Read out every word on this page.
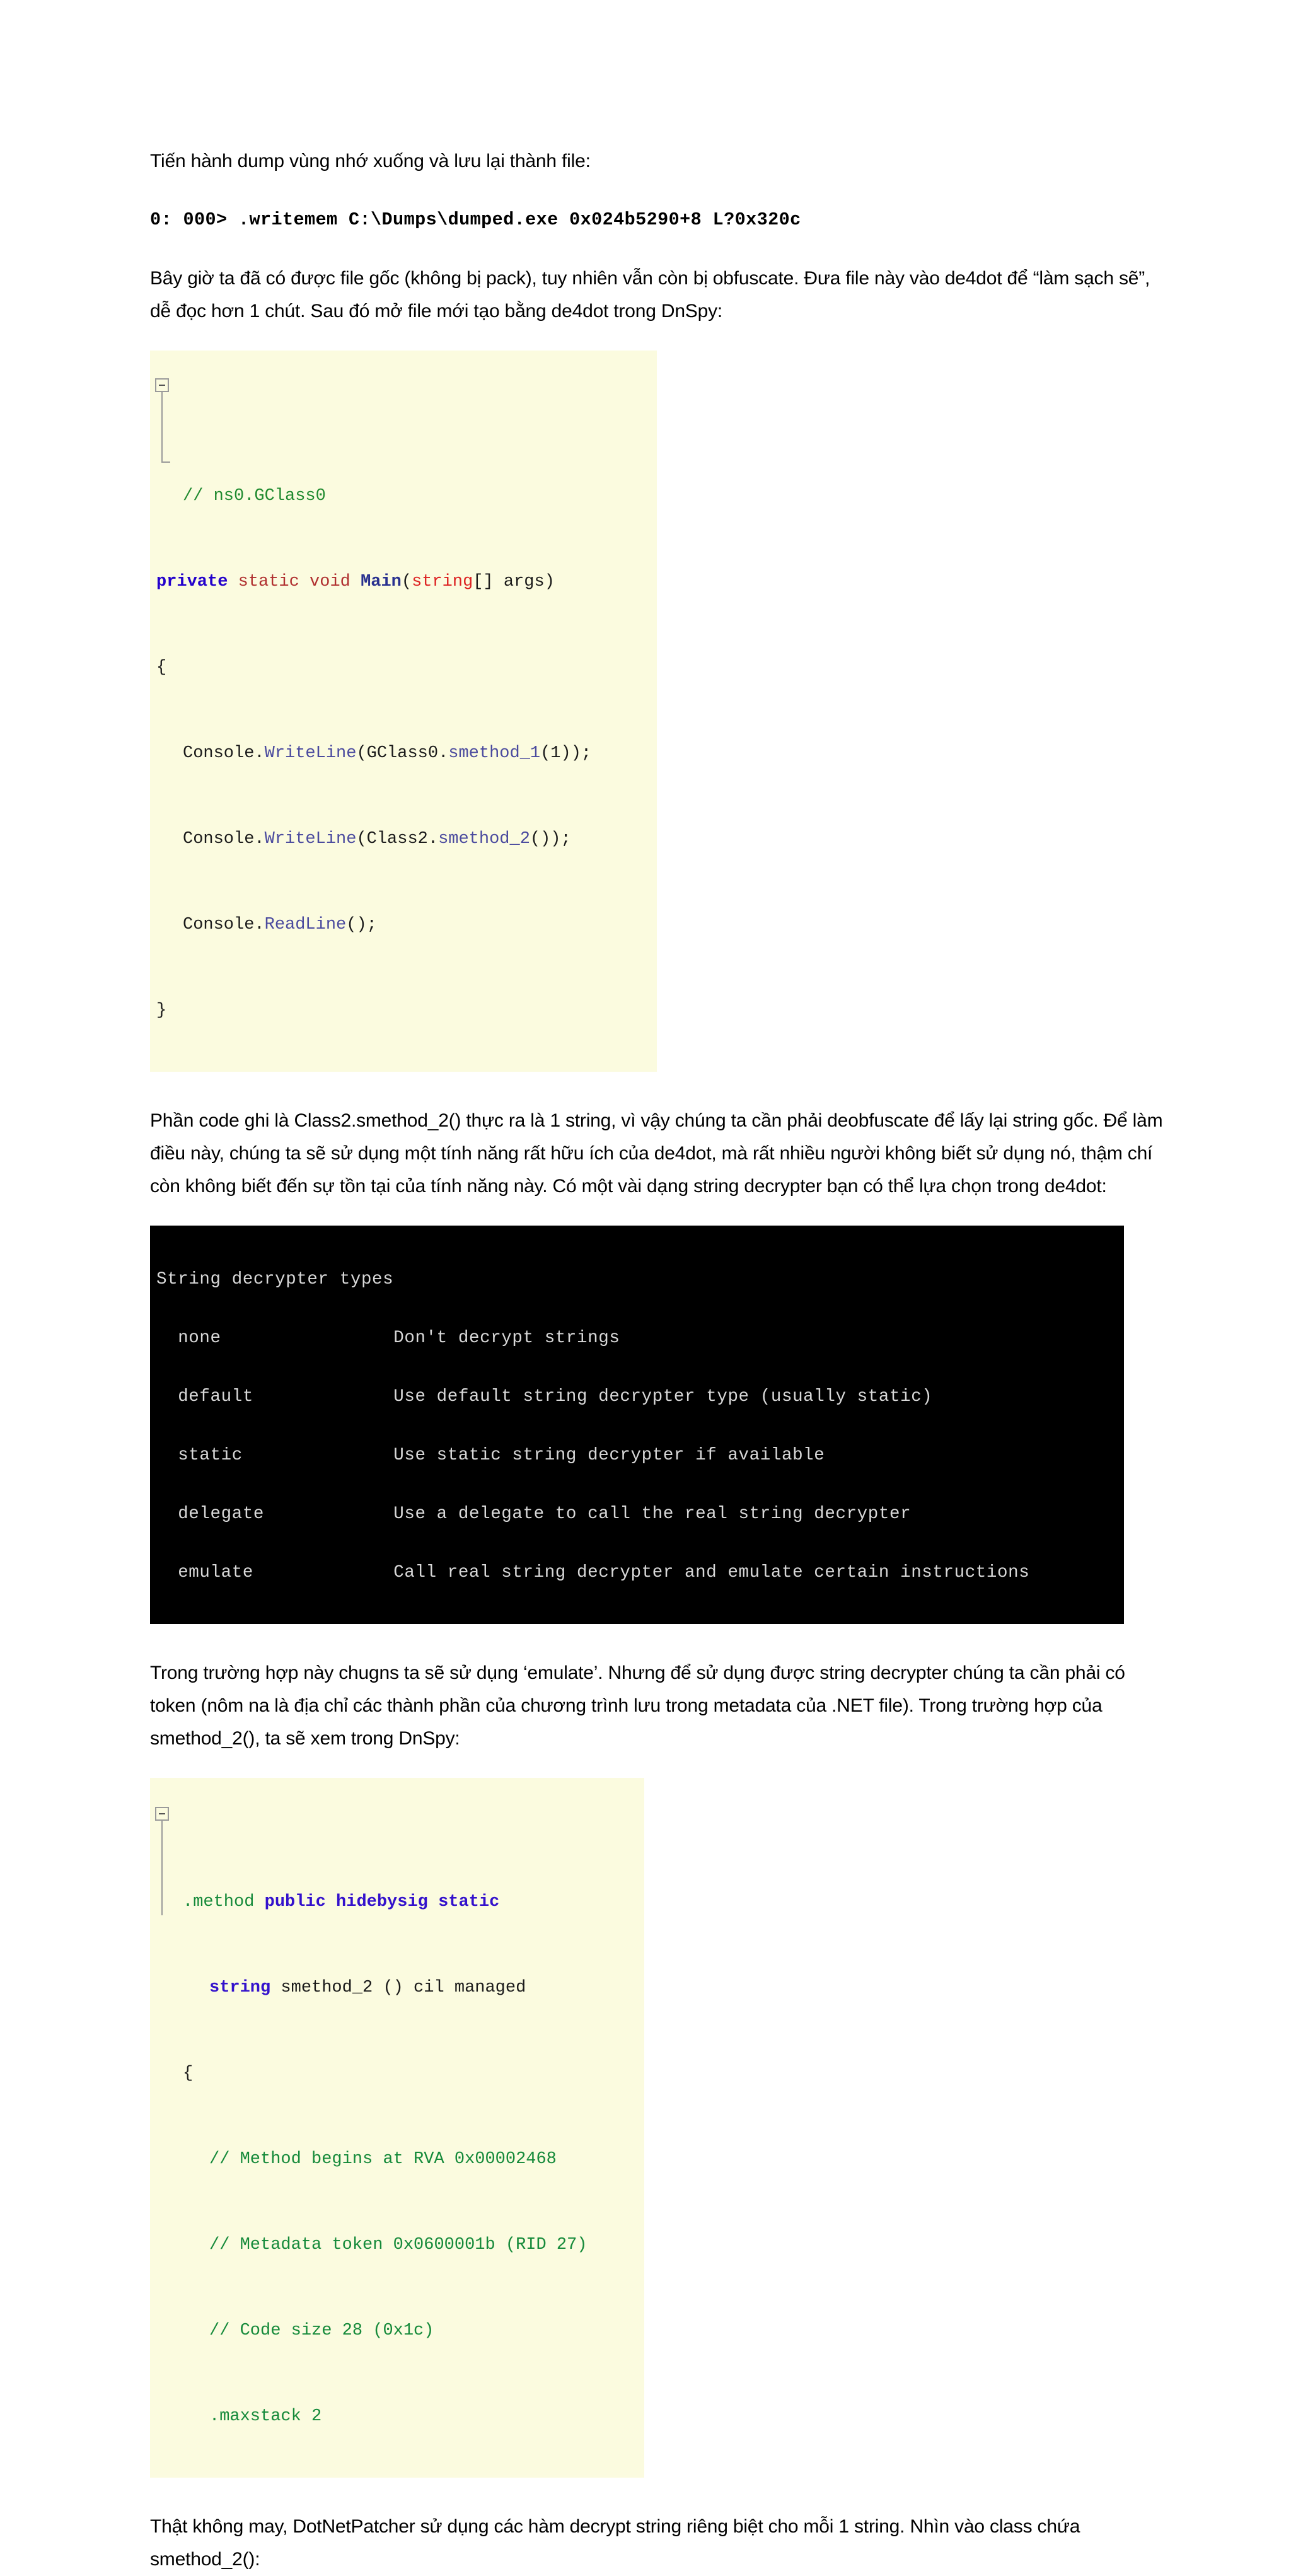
Tiến hành dump vùng nhớ xuống và lưu lại thành file:

0: 000> .writemem C:\Dumps\dumped.exe 0x024b5290+8 L?0x320c

Bây giờ ta đã có được file gốc (không bị pack), tuy nhiên vẫn còn bị obfuscate. Đưa file này vào de4dot để “làm sạch sẽ”, dễ đọc hơn 1 chút. Sau đó mở file mới tạo bằng de4dot trong DnSpy:

// ns0.GClass0

private static void Main(string[] args)

{

Console.WriteLine(GClass0.smethod_1(1));

Console.WriteLine(Class2.smethod_2());

Console.ReadLine();

}

Phần code ghi là Class2.smethod_2() thực ra là 1 string, vì vậy chúng ta cần phải deobfuscate để lấy lại string gốc. Để làm điều này, chúng ta sẽ sử dụng một tính năng rất hữu ích của de4dot, mà rất nhiều người không biết sử dụng nó, thậm chí còn không biết đến sự tồn tại của tính năng này. Có một vài dạng string decrypter bạn có thể lựa chọn trong de4dot:

String decrypter types

none                Don't decrypt strings

default             Use default string decrypter type (usually static)

static              Use static string decrypter if available

delegate            Use a delegate to call the real string decrypter

emulate             Call real string decrypter and emulate certain instructions

Trong trường hợp này chugns ta sẽ sử dụng ‘emulate’. Nhưng để sử dụng được string decrypter chúng ta cần phải có token (nôm na là địa chỉ các thành phần của chương trình lưu trong metadata của .NET file). Trong trường hợp của smethod_2(), ta sẽ xem trong DnSpy:

.method public hidebysig static

string smethod_2 () cil managed

{

// Method begins at RVA 0x00002468

// Metadata token 0x0600001b (RID 27)

// Code size 28 (0x1c)

.maxstack 2

Thật không may, DotNetPatcher sử dụng các hàm decrypt string riêng biệt cho mỗi 1 string. Nhìn vào class chứa smethod_2():

Trang 4
